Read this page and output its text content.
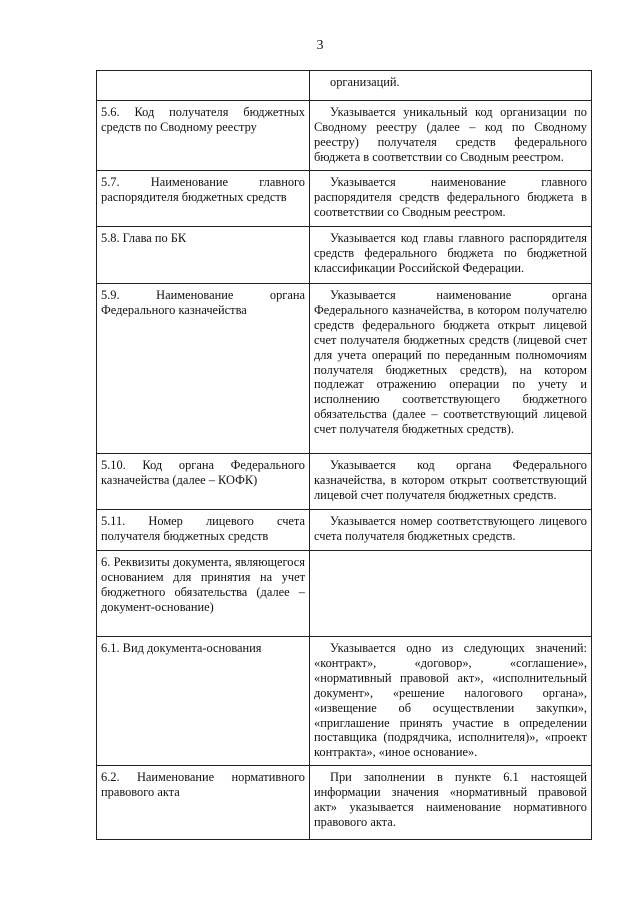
3
	организаций.
5.6. Код получателя бюджетных средств по Сводному реестру	Указывается уникальный код организации по Сводному реестру (далее – код по Сводному реестру) получателя средств федерального бюджета в соответствии со Сводным реестром.
5.7. Наименование главного распорядителя бюджетных средств	Указывается наименование главного распорядителя средств федерального бюджета в соответствии со Сводным реестром.
5.8. Глава по БК	Указывается код главы главного распорядителя средств федерального бюджета по бюджетной классификации Российской Федерации.
5.9. Наименование органа Федерального казначейства	Указывается наименование органа Федерального казначейства, в котором получателю средств федерального бюджета открыт лицевой счет получателя бюджетных средств (лицевой счет для учета операций по переданным полномочиям получателя бюджетных средств), на котором подлежат отражению операции по учету и исполнению соответствующего бюджетного обязательства (далее – соответствующий лицевой счет получателя бюджетных средств).
5.10. Код органа Федерального казначейства (далее – КОФК)	Указывается код органа Федерального казначейства, в котором открыт соответствующий лицевой счет получателя бюджетных средств.
5.11. Номер лицевого счета получателя бюджетных средств	Указывается номер соответствующего лицевого счета получателя бюджетных средств.
6. Реквизиты документа, являющегося основанием для принятия на учет бюджетного обязательства (далее – документ-основание)	
6.1. Вид документа-основания	Указывается одно из следующих значений: «контракт», «договор», «соглашение», «нормативный правовой акт», «исполнительный документ», «решение налогового органа», «извещение об осуществлении закупки», «приглашение принять участие в определении поставщика (подрядчика, исполнителя)», «проект контракта», «иное основание».
6.2. Наименование нормативного правового акта	При заполнении в пункте 6.1 настоящей информации значения «нормативный правовой акт» указывается наименование нормативного правового акта.
